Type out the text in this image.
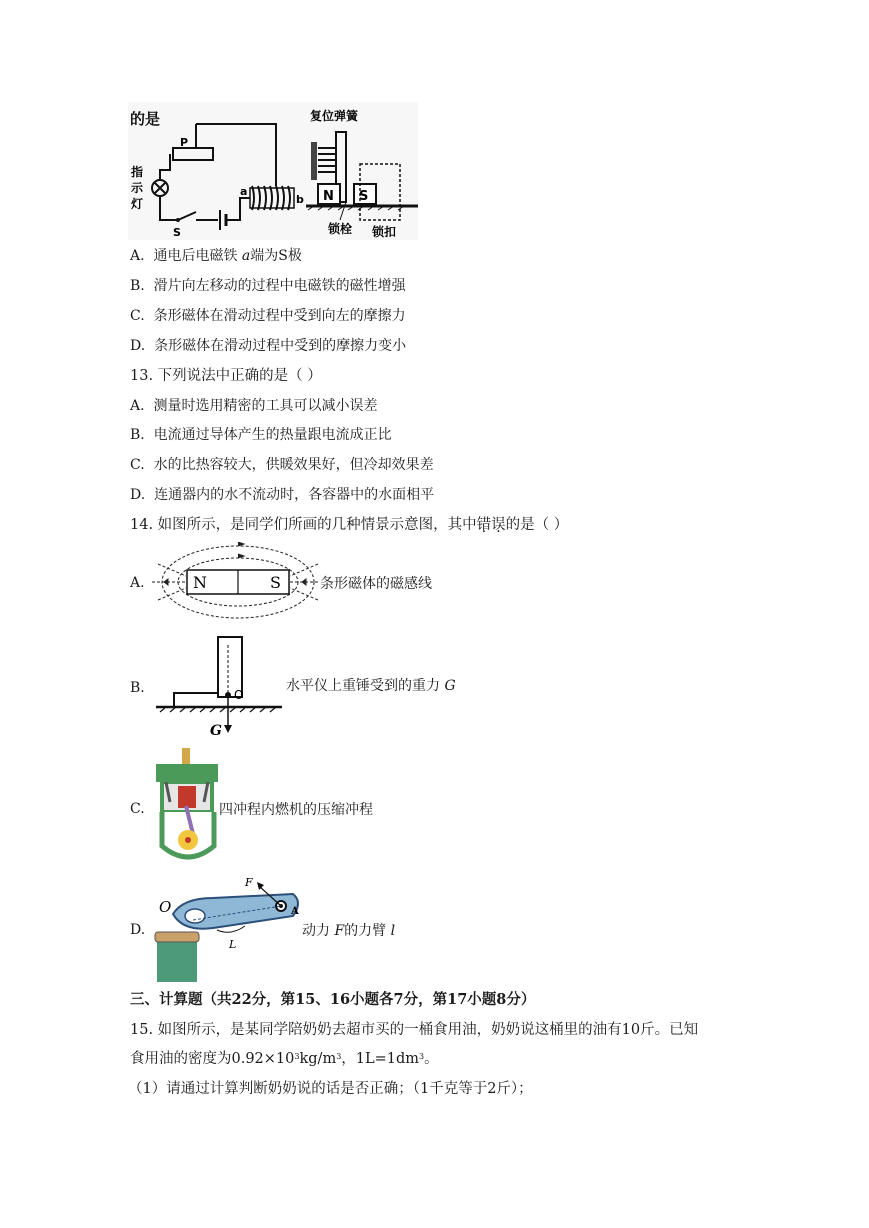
的是
P
指
示
灯
S
a
b
复位弹簧
N S
锁栓 锁扣
A. 通电后电磁铁 a端为S极
B. 滑片向左移动的过程中电磁铁的磁性增强
C. 条形磁体在滑动过程中受到向左的摩擦力
D. 条形磁体在滑动过程中受到的摩擦力变小
13. 下列说法中正确的是（ ）
A. 测量时选用精密的工具可以减小误差
B. 电流通过导体产生的热量跟电流成正比
C. 水的比热容较大，供暖效果好，但冷却效果差
D. 连通器内的水不流动时，各容器中的水面相平
14. 如图所示，是同学们所画的几种情景示意图，其中错误的是（ ）
A.	N	S	条形磁体的磁感线
B.
G
O
水平仪上重锤受到的重力 G
C.	四冲程内燃机的压缩冲程
D.
F
O	A
L
动力 F的力臂 l
三、计算题（共22分，第15、16小题各7分，第17小题8分）
15. 如图所示，是某同学陪奶奶去超市买的一桶食用油，奶奶说这桶里的油有10斤。已知
食用油的密度为$0.92\times 10^3kg/m^3$，$1L=1dm^3$。
（1）请通过计算判断奶奶说的话是否正确；（1千克等于2斤）；
